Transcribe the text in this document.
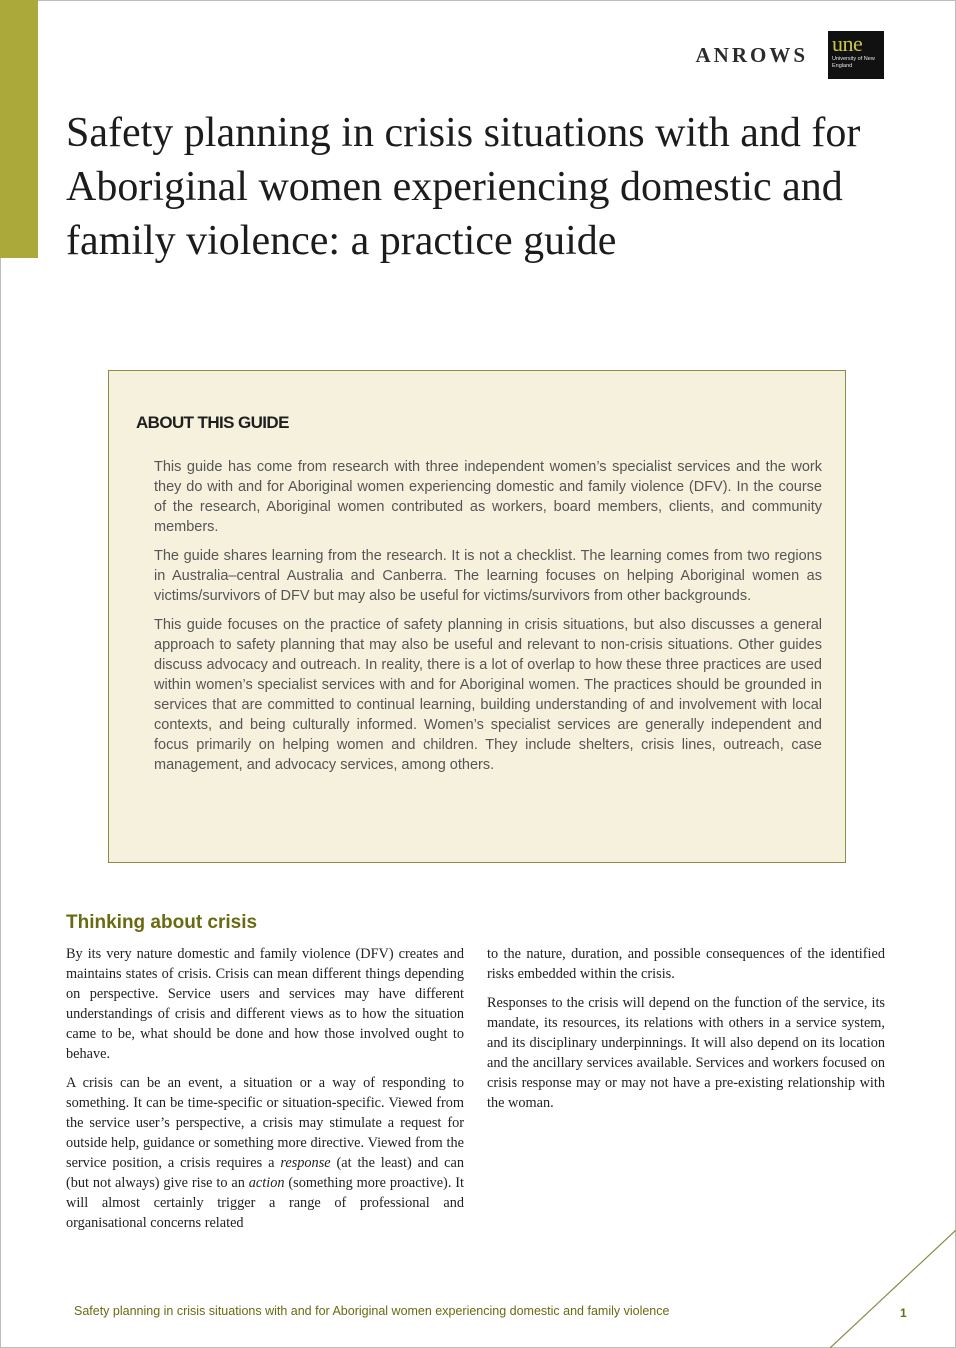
ANROWS une
University of New England
Safety planning in crisis situations with and for Aboriginal women experiencing domestic and family violence: a practice guide
ABOUT THIS GUIDE

This guide has come from research with three independent women’s specialist services and the work they do with and for Aboriginal women experiencing domestic and family violence (DFV). In the course of the research, Aboriginal women contributed as workers, board members, clients, and community members.

The guide shares learning from the research. It is not a checklist. The learning comes from two regions in Australia–central Australia and Canberra. The learning focuses on helping Aboriginal women as victims/survivors of DFV but may also be useful for victims/survivors from other backgrounds.

This guide focuses on the practice of safety planning in crisis situations, but also discusses a general approach to safety planning that may also be useful and relevant to non-crisis situations. Other guides discuss advocacy and outreach. In reality, there is a lot of overlap to how these three practices are used within women’s specialist services with and for Aboriginal women. The practices should be grounded in services that are committed to continual learning, building understanding of and involvement with local contexts, and being culturally informed. Women’s specialist services are generally independent and focus primarily on helping women and children. They include shelters, crisis lines, outreach, case management, and advocacy services, among others.

Thinking about crisis

By its very nature domestic and family violence (DFV) creates and maintains states of crisis. Crisis can mean different things depending on perspective. Service users and services may have different understandings of crisis and different views as to how the situation came to be, what should be done and how those involved ought to behave.

A crisis can be an event, a situation or a way of responding to something. It can be time-specific or situation-specific. Viewed from the service user’s perspective, a crisis may stimulate a request for outside help, guidance or something more directive. Viewed from the service position, a crisis requires a response (at the least) and can (but not always) give rise to an action (something more proactive). It will almost certainly trigger a range of professional and organisational concerns related

to the nature, duration, and possible consequences of the identified risks embedded within the crisis.

Responses to the crisis will depend on the function of the service, its mandate, its resources, its relations with others in a service system, and its disciplinary underpinnings. It will also depend on its location and the ancillary services available. Services and workers focused on crisis response may or may not have a pre-existing relationship with the woman.

Safety planning in crisis situations with and for Aboriginal women experiencing domestic and family violence	1
